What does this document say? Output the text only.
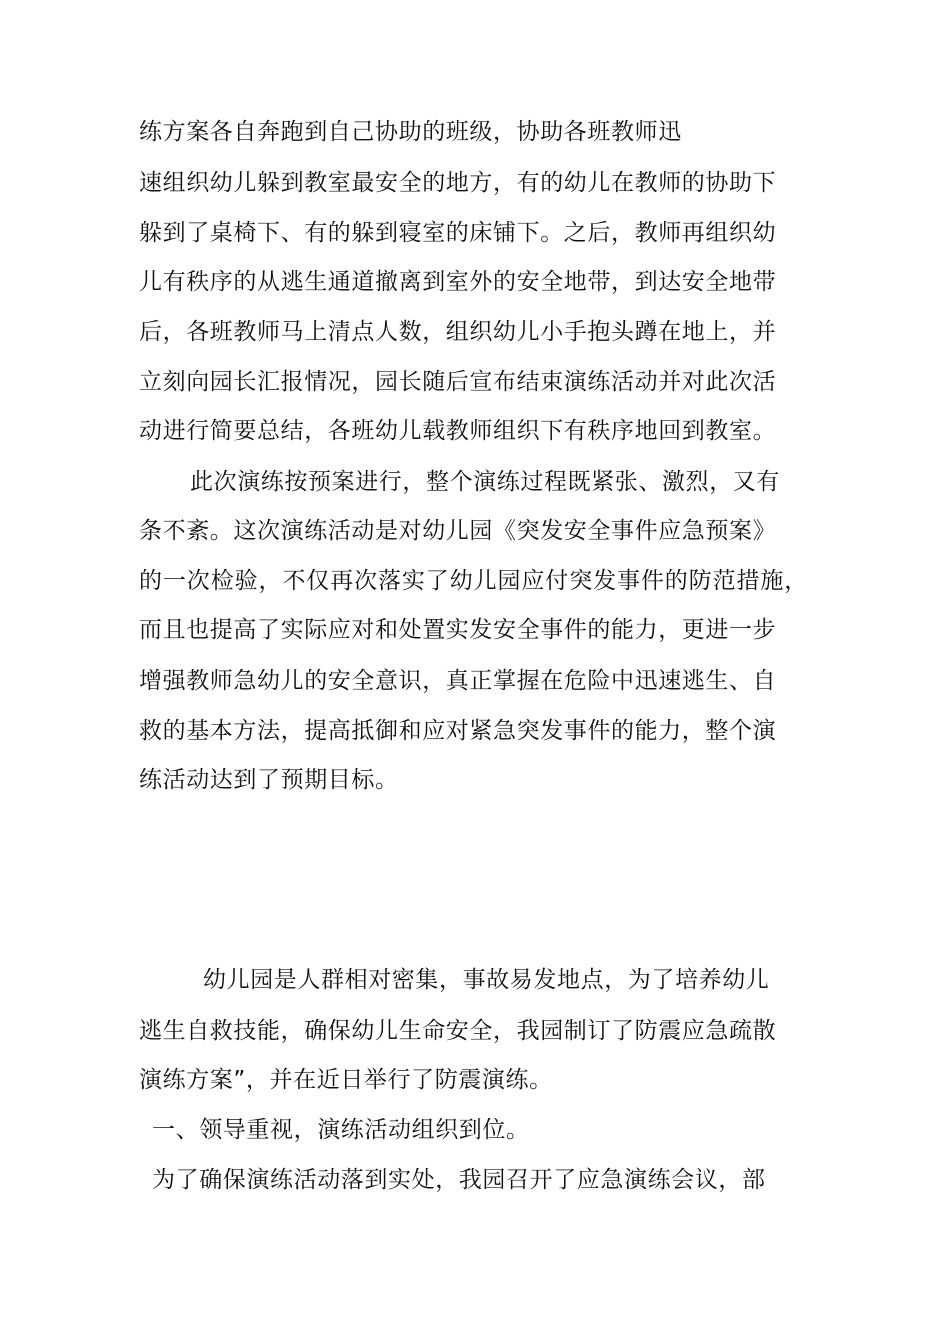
练方案各自奔跑到自己协助的班级，协助各班教师迅
速组织幼儿躲到教室最安全的地方，有的幼儿在教师的协助下
躲到了桌椅下、有的躲到寝室的床铺下。之后，教师再组织幼
儿有秩序的从逃生通道撤离到室外的安全地带，到达安全地带
后，各班教师马上清点人数，组织幼儿小手抱头蹲在地上，并
立刻向园长汇报情况，园长随后宣布结束演练活动并对此次活
动进行简要总结，各班幼儿载教师组织下有秩序地回到教室。
此次演练按预案进行，整个演练过程既紧张、激烈，又有
条不紊。这次演练活动是对幼儿园《突发安全事件应急预案》
的一次检验，不仅再次落实了幼儿园应付突发事件的防范措施，
而且也提高了实际应对和处置实发安全事件的能力，更进一步
增强教师急幼儿的安全意识，真正掌握在危险中迅速逃生、自
救的基本方法，提高抵御和应对紧急突发事件的能力，整个演
练活动达到了预期目标。
幼儿园是人群相对密集，事故易发地点，为了培养幼儿
逃生自救技能，确保幼儿生命安全，我园制订了防震应急疏散
演练方案”，并在近日举行了防震演练。
一、领导重视，演练活动组织到位。
为了确保演练活动落到实处，我园召开了应急演练会议，部
